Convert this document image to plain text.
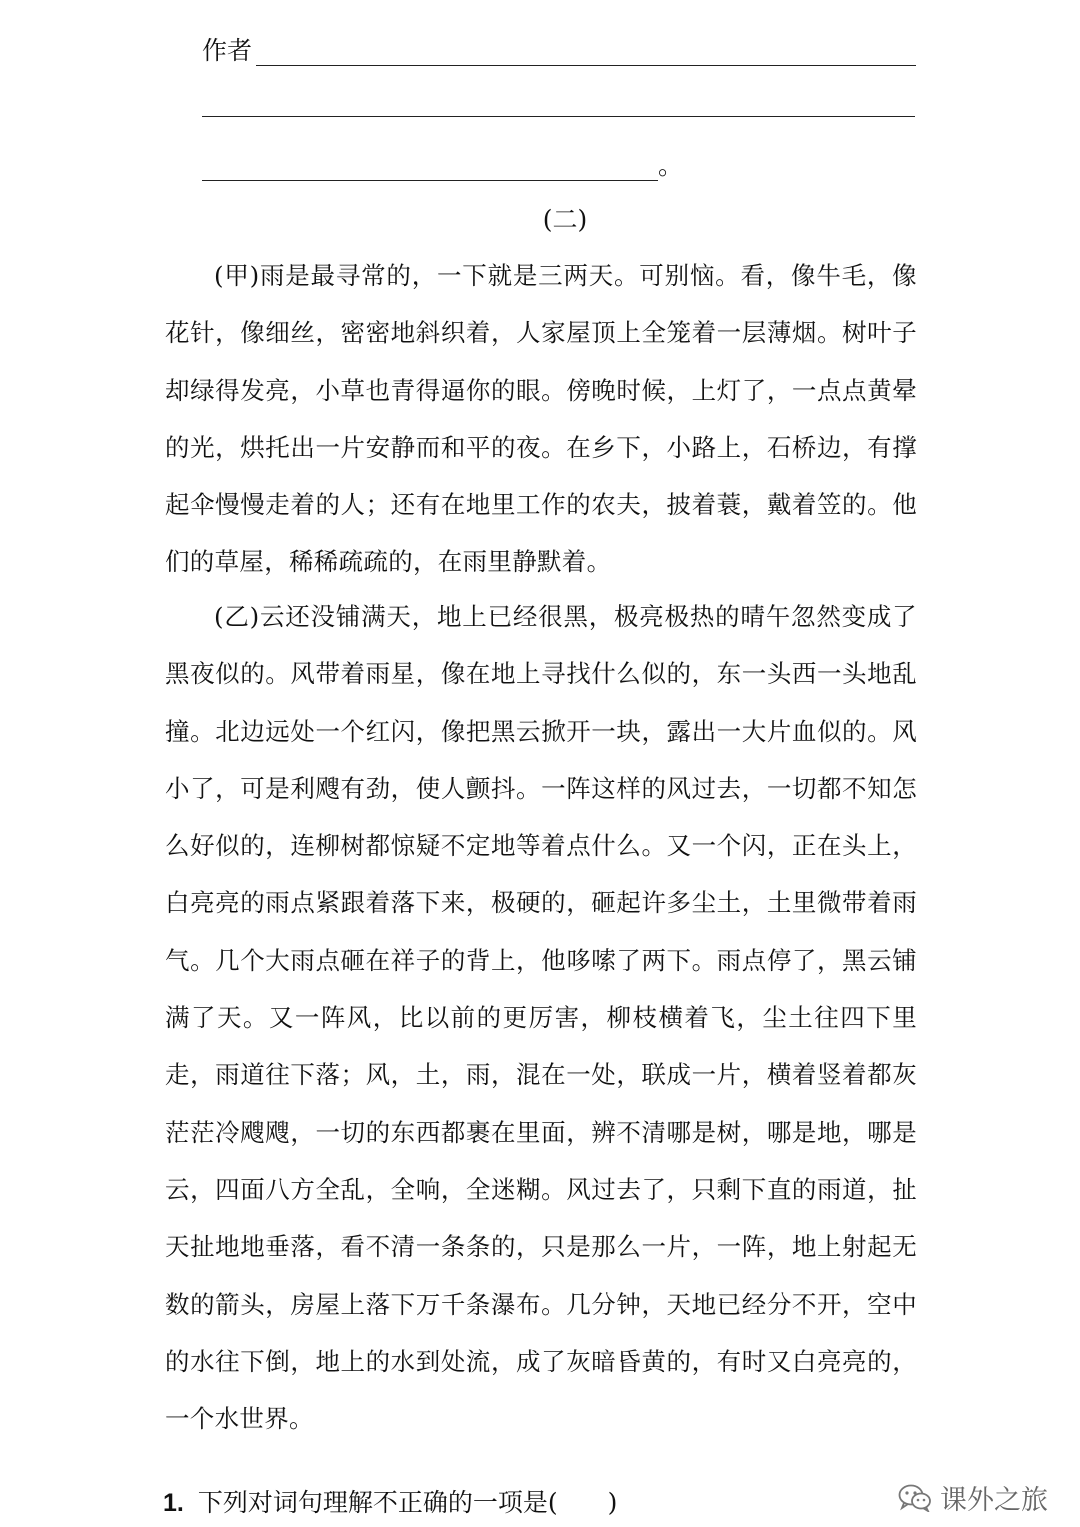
作者
。
(二)

(甲)雨是最寻常的，一下就是三两天。可别恼。看，像牛毛，像花针，像细丝，密密地斜织着，人家屋顶上全笼着一层薄烟。树叶子却绿得发亮，小草也青得逼你的眼。傍晚时候，上灯了，一点点黄晕的光，烘托出一片安静而和平的夜。在乡下，小路上，石桥边，有撑起伞慢慢走着的人；还有在地里工作的农夫，披着蓑，戴着笠的。他们的草屋，稀稀疏疏的，在雨里静默着。

(乙)云还没铺满天，地上已经很黑，极亮极热的晴午忽然变成了黑夜似的。风带着雨星，像在地上寻找什么似的，东一头西一头地乱撞。北边远处一个红闪，像把黑云掀开一块，露出一大片血似的。风小了，可是利飕有劲，使人颤抖。一阵这样的风过去，一切都不知怎么好似的，连柳树都惊疑不定地等着点什么。又一个闪，正在头上，白亮亮的雨点紧跟着落下来，极硬的，砸起许多尘土，土里微带着雨气。几个大雨点砸在祥子的背上，他哆嗦了两下。雨点停了，黑云铺满了天。又一阵风，比以前的更厉害，柳枝横着飞，尘土往四下里走，雨道往下落；风，土，雨，混在一处，联成一片，横着竖着都灰茫茫冷飕飕，一切的东西都裹在里面，辨不清哪是树，哪是地，哪是云，四面八方全乱，全响，全迷糊。风过去了，只剩下直的雨道，扯天扯地地垂落，看不清一条条的，只是那么一片，一阵，地上射起无数的箭头，房屋上落下万千条瀑布。几分钟，天地已经分不开，空中的水往下倒，地上的水到处流，成了灰暗昏黄的，有时又白亮亮的，一个水世界。

1. 下列对词句理解不正确的一项是(　　)	课外之旅
